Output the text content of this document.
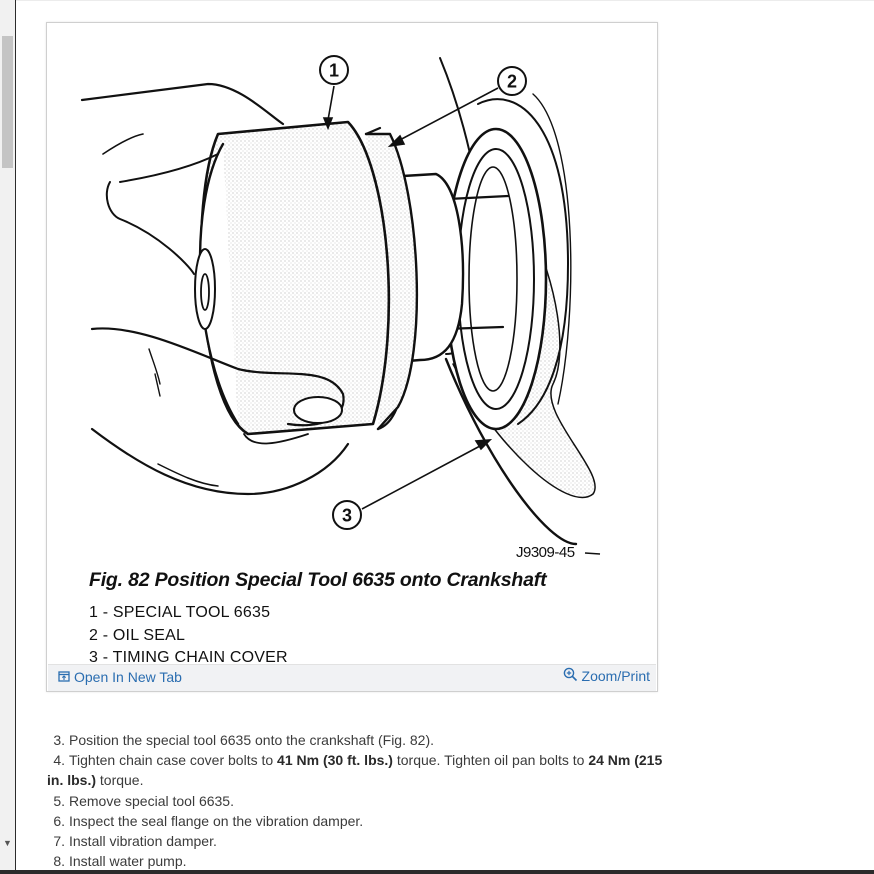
▼
1
2
3
J9309-45
Fig. 82 Position Special Tool 6635 onto Crankshaft
1 - SPECIAL TOOL 6635
2 - OIL SEAL
3 - TIMING CHAIN COVER
Open In New Tab	Zoom/Print

3. Position the special tool 6635 onto the crankshaft (Fig. 82).

4. Tighten chain case cover bolts to 41 Nm (30 ft. lbs.) torque. Tighten oil pan bolts to 24 Nm (215 in. lbs.) torque.

5. Remove special tool 6635.

6. Inspect the seal flange on the vibration damper.

7. Install vibration damper.

8. Install water pump.
